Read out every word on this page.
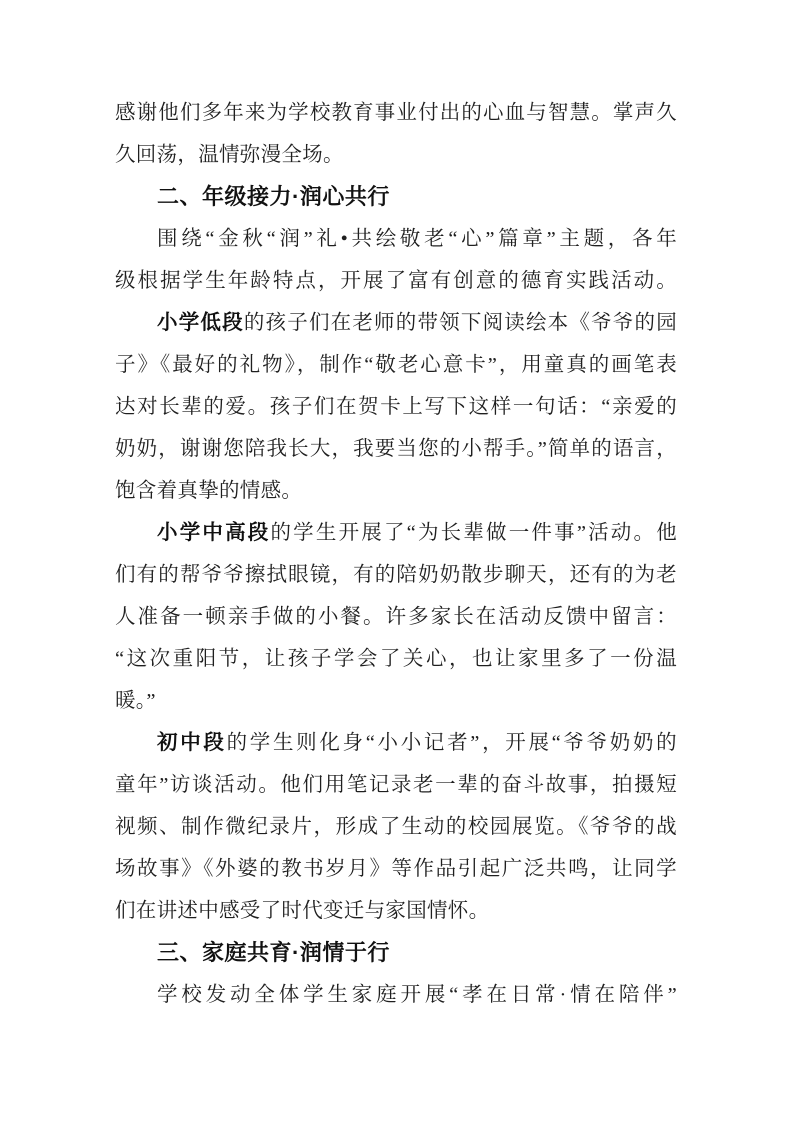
感谢他们多年来为学校教育事业付出的心血与智慧。掌声久
久回荡，温情弥漫全场。
二、年级接力·润心共行
围绕“金秋“润”礼•共绘敬老“心”篇章”主题，各年
级根据学生年龄特点，开展了富有创意的德育实践活动。
小学低段的孩子们在老师的带领下阅读绘本《爷爷的园
子》《最好的礼物》，制作“敬老心意卡”，用童真的画笔表
达对长辈的爱。孩子们在贺卡上写下这样一句话：“亲爱的
奶奶，谢谢您陪我长大，我要当您的小帮手。”简单的语言，
饱含着真挚的情感。
小学中高段的学生开展了“为长辈做一件事”活动。他
们有的帮爷爷擦拭眼镜，有的陪奶奶散步聊天，还有的为老
人准备一顿亲手做的小餐。许多家长在活动反馈中留言：
“这次重阳节，让孩子学会了关心，也让家里多了一份温
暖。”
初中段的学生则化身“小小记者”，开展“爷爷奶奶的
童年”访谈活动。他们用笔记录老一辈的奋斗故事，拍摄短
视频、制作微纪录片，形成了生动的校园展览。《爷爷的战
场故事》《外婆的教书岁月》等作品引起广泛共鸣，让同学
们在讲述中感受了时代变迁与家国情怀。
三、家庭共育·润情于行
学校发动全体学生家庭开展“孝在日常·情在陪伴”
